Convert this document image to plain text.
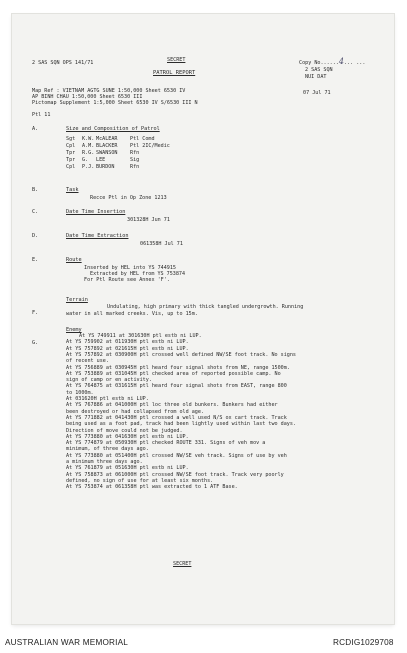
SECRET
PATROL REPORT
2 SAS SQN OPS 141/71	Copy No......4... ...
2 SAS SQN
NUI DAT
07 Jul 71
Map Ref : VIETNAM AGTG SUNE 1:50,000 Sheet 6530 IV
AP BINH CHAU 1:50,000 Sheet 6530 III
Pictomap Supplement 1:5,000 Sheet 6530 IV S/6530 III N
Ptl 11
A.	Size and Composition of Patrol
Sgt K.W. McALEAR Ptl Comd
Cpl A.M. BLACKER Ptl 2IC/Medic
Tpr R.G. SWANSON Rfn
Tpr G. LEE	Sig
Cpl P.J. BURDON	Rfn
B.	Task
Recce Ptl in Op Zone 1213
C.	Date Time Insertion
301328H Jun 71
D.	Date Time Extraction
061358H Jul 71
E.	Route
Inserted by HEL into YS 744915
Extracted by HEL from YS 753874
For Ptl Route see Annex 'F'.
F.
Terrain
Undulating, high primary with thick tangled undergrowth. Running
water in all marked creeks. Vis, up to 15m.
G.
Enemy
At YS 749911 at 301630H ptl estb ni LUP.
At YS 759902 at 011930H ptl estb ni LUP.
At YS 757892 at 021615H ptl estb ni LUP.
At YS 757892 at 030900H ptl crossed well defined NW/SE foot track. No signs
of recent use.
At YS 756889 at 030945H ptl heard four signal shots from NE, range 1500m.
At YS 753889 at 031045H ptl checked area of reported possible camp. No
sign of camp or en activity.
At YS 764875 at 031615H ptl heard four signal shots from EAST, range 800
to 1000m.
At 031620H ptl estb ni LUP.
At YS 767886 at 041000H ptl loc three old bunkers. Bunkers had either
been destroyed or had collapsed from old age.
At YS 771882 at 041430H ptl crossed a well used N/S ox cart track. Track
being used as a foot pad, track had been lightly used within last two days.
Direction of move could not be judged.
At YS 773880 at 041630H ptl estb ni LUP.
At YS 774879 at 050930H ptl checked ROUTE 331. Signs of veh mov a
minimum, of three days ago.
At YS 773880 at 051400H ptl crossed NW/SE veh track. Signs of use by veh
a minimum three days ago.
At YS 761879 at 051630H ptl estb ni LUP.
At YS 758873 at 061000H ptl crossed NW/SE foot track. Track very poorly
defined, no sign of use for at least six months.
At YS 753874 at 061358H ptl was extracted to 1 ATF Base.
SECRET
AUSTRALIAN WAR MEMORIAL	RCDIG1029708
